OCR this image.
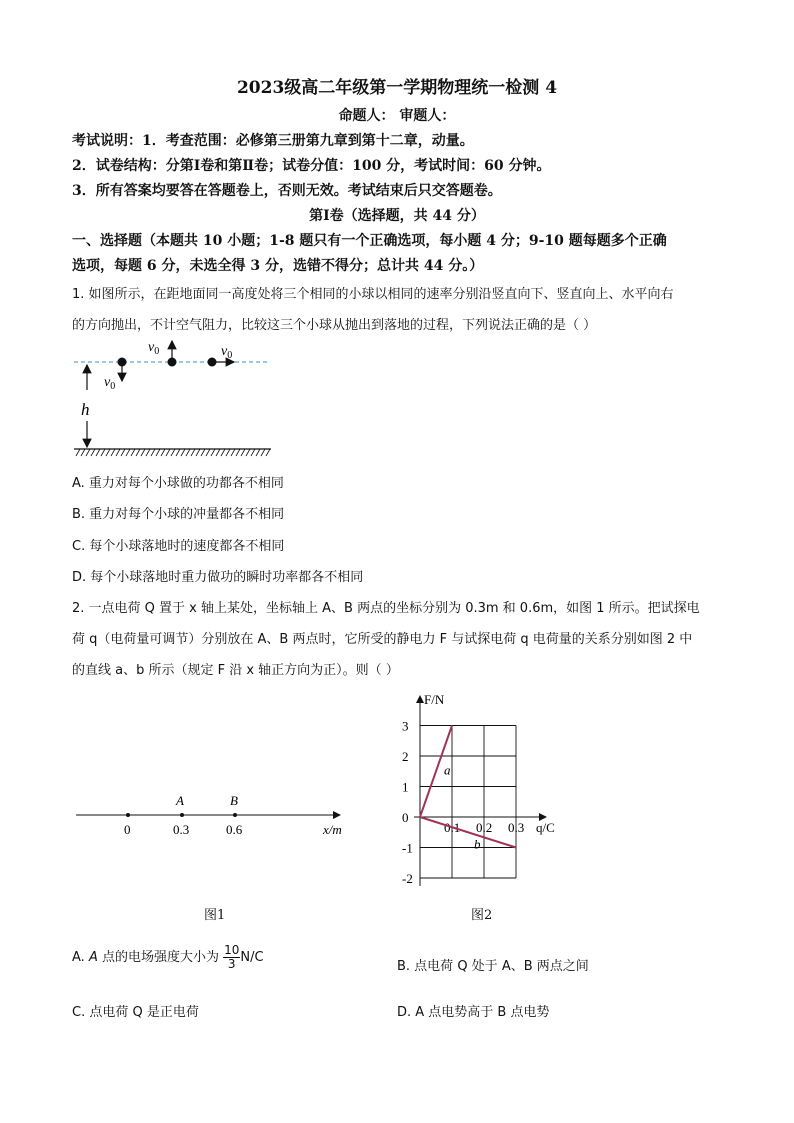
2023级高二年级第一学期物理统一检测 4
命题人： 审题人：
考试说明：1．考查范围：必修第三册第九章到第十二章，动量。
2．试卷结构：分第Ⅰ卷和第Ⅱ卷；试卷分值：100 分，考试时间：60 分钟。
3．所有答案均要答在答题卷上，否则无效。考试结束后只交答题卷。
第Ⅰ卷（选择题，共 44 分）
一、选择题（本题共 10 小题；1-8 题只有一个正确选项，每小题 4 分；9-10 题每题多个正确
选项，每题 6 分，未选全得 3 分，选错不得分；总计共 44 分。）
1. 如图所示，在距地面同一高度处将三个相同的小球以相同的速率分别沿竖直向下、竖直向上、水平向右
的方向抛出，不计空气阻力，比较这三个小球从抛出到落地的过程，下列说法正确的是（ ）
h
$v_0$
$v_0$	$v_0$
A. 重力对每个小球做的功都各不相同
B. 重力对每个小球的冲量都各不相同
C. 每个小球落地时的速度都各不相同
D. 每个小球落地时重力做功的瞬时功率都各不相同
2. 一点电荷 Q 置于 x 轴上某处，坐标轴上 A、B 两点的坐标分别为 0.3m 和 0.6m，如图 1 所示。把试探电
荷 q（电荷量可调节）分别放在 A、B 两点时，它所受的静电力 F 与试探电荷 q 电荷量的关系分别如图 2 中
的直线 a、b 所示（规定 F 沿 x 轴正方向为正）。则（ ）
A	B
0	0.3	0.6	x/m
图1
3
2
1
0
-1
-2
0.1 0.2 0.3
a
b
F/N
q/C
图2
A. A 点的电场强度大小为 $\frac{10}{3} N/C$
B. 点电荷 Q 处于 A、B 两点之间
C. 点电荷 Q 是正电荷	D. A 点电势高于 B 点电势
